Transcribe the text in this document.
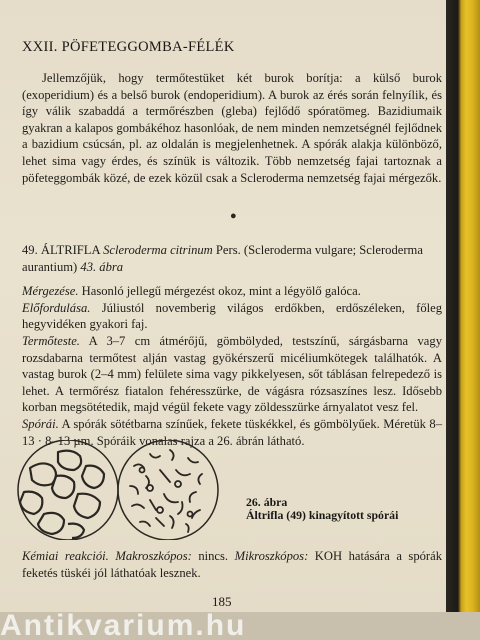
XXII. PÖFETEGGOMBA-FÉLÉK

Jellemzőjük, hogy termőtestüket két burok borítja: a külső burok (exoperidium) és a belső burok (endoperidium). A burok az érés során felnyílik, és így válik szabaddá a termőrészben (gleba) fejlődő spóratömeg. Bazidiumaik gyakran a kalapos gombákéhoz hasonlóak, de nem minden nemzetségnél fejlődnek a bazidium csúcsán, pl. az oldalán is megjelenhetnek. A spórák alakja különböző, lehet sima vagy érdes, és színük is változik. Több nemzetség fajai tartoznak a pöfeteggombák közé, de ezek közül csak a Scleroderma nemzetség fajai mérgezők.

●

49. ÁLTRIFLA Scleroderma citrinum Pers. (Scleroderma vulgare; Scleroderma aurantium) 43. ábra

Mérgezése. Hasonló jellegű mérgezést okoz, mint a légyölő galóca.

Előfordulása. Júliustól novemberig világos erdőkben, erdőszéleken, főleg hegyvidéken gyakori faj.

Termőteste. A 3–7 cm átmérőjű, gömbölyded, testszínű, sárgásbarna vagy rozsdabarna termőtest alján vastag gyökérszerű micéliumkötegek találhatók. A vastag burok (2–4 mm) felülete sima vagy pikkelyesen, sőt táblásan felrepedező is lehet. A termőrész fiatalon fehéresszürke, de vágásra rózsaszínes lesz. Idősebb korban megsötétedik, majd végül fekete vagy zöldesszürke árnyalatot vesz fel.

Spórái. A spórák sötétbarna színűek, fekete tüskékkel, és gömbölyűek. Méretük 8–13 · 8–13 µm. Spóráik vonalas rajza a 26. ábrán látható.

26. ábra
Áltrifla (49) kinagyított spórái
Kémiai reakciói. Makroszkópos: nincs. Mikroszkópos: KOH hatására a spórák feketés tüskéi jól láthatóak lesznek.
185
Antikvarium.hu
